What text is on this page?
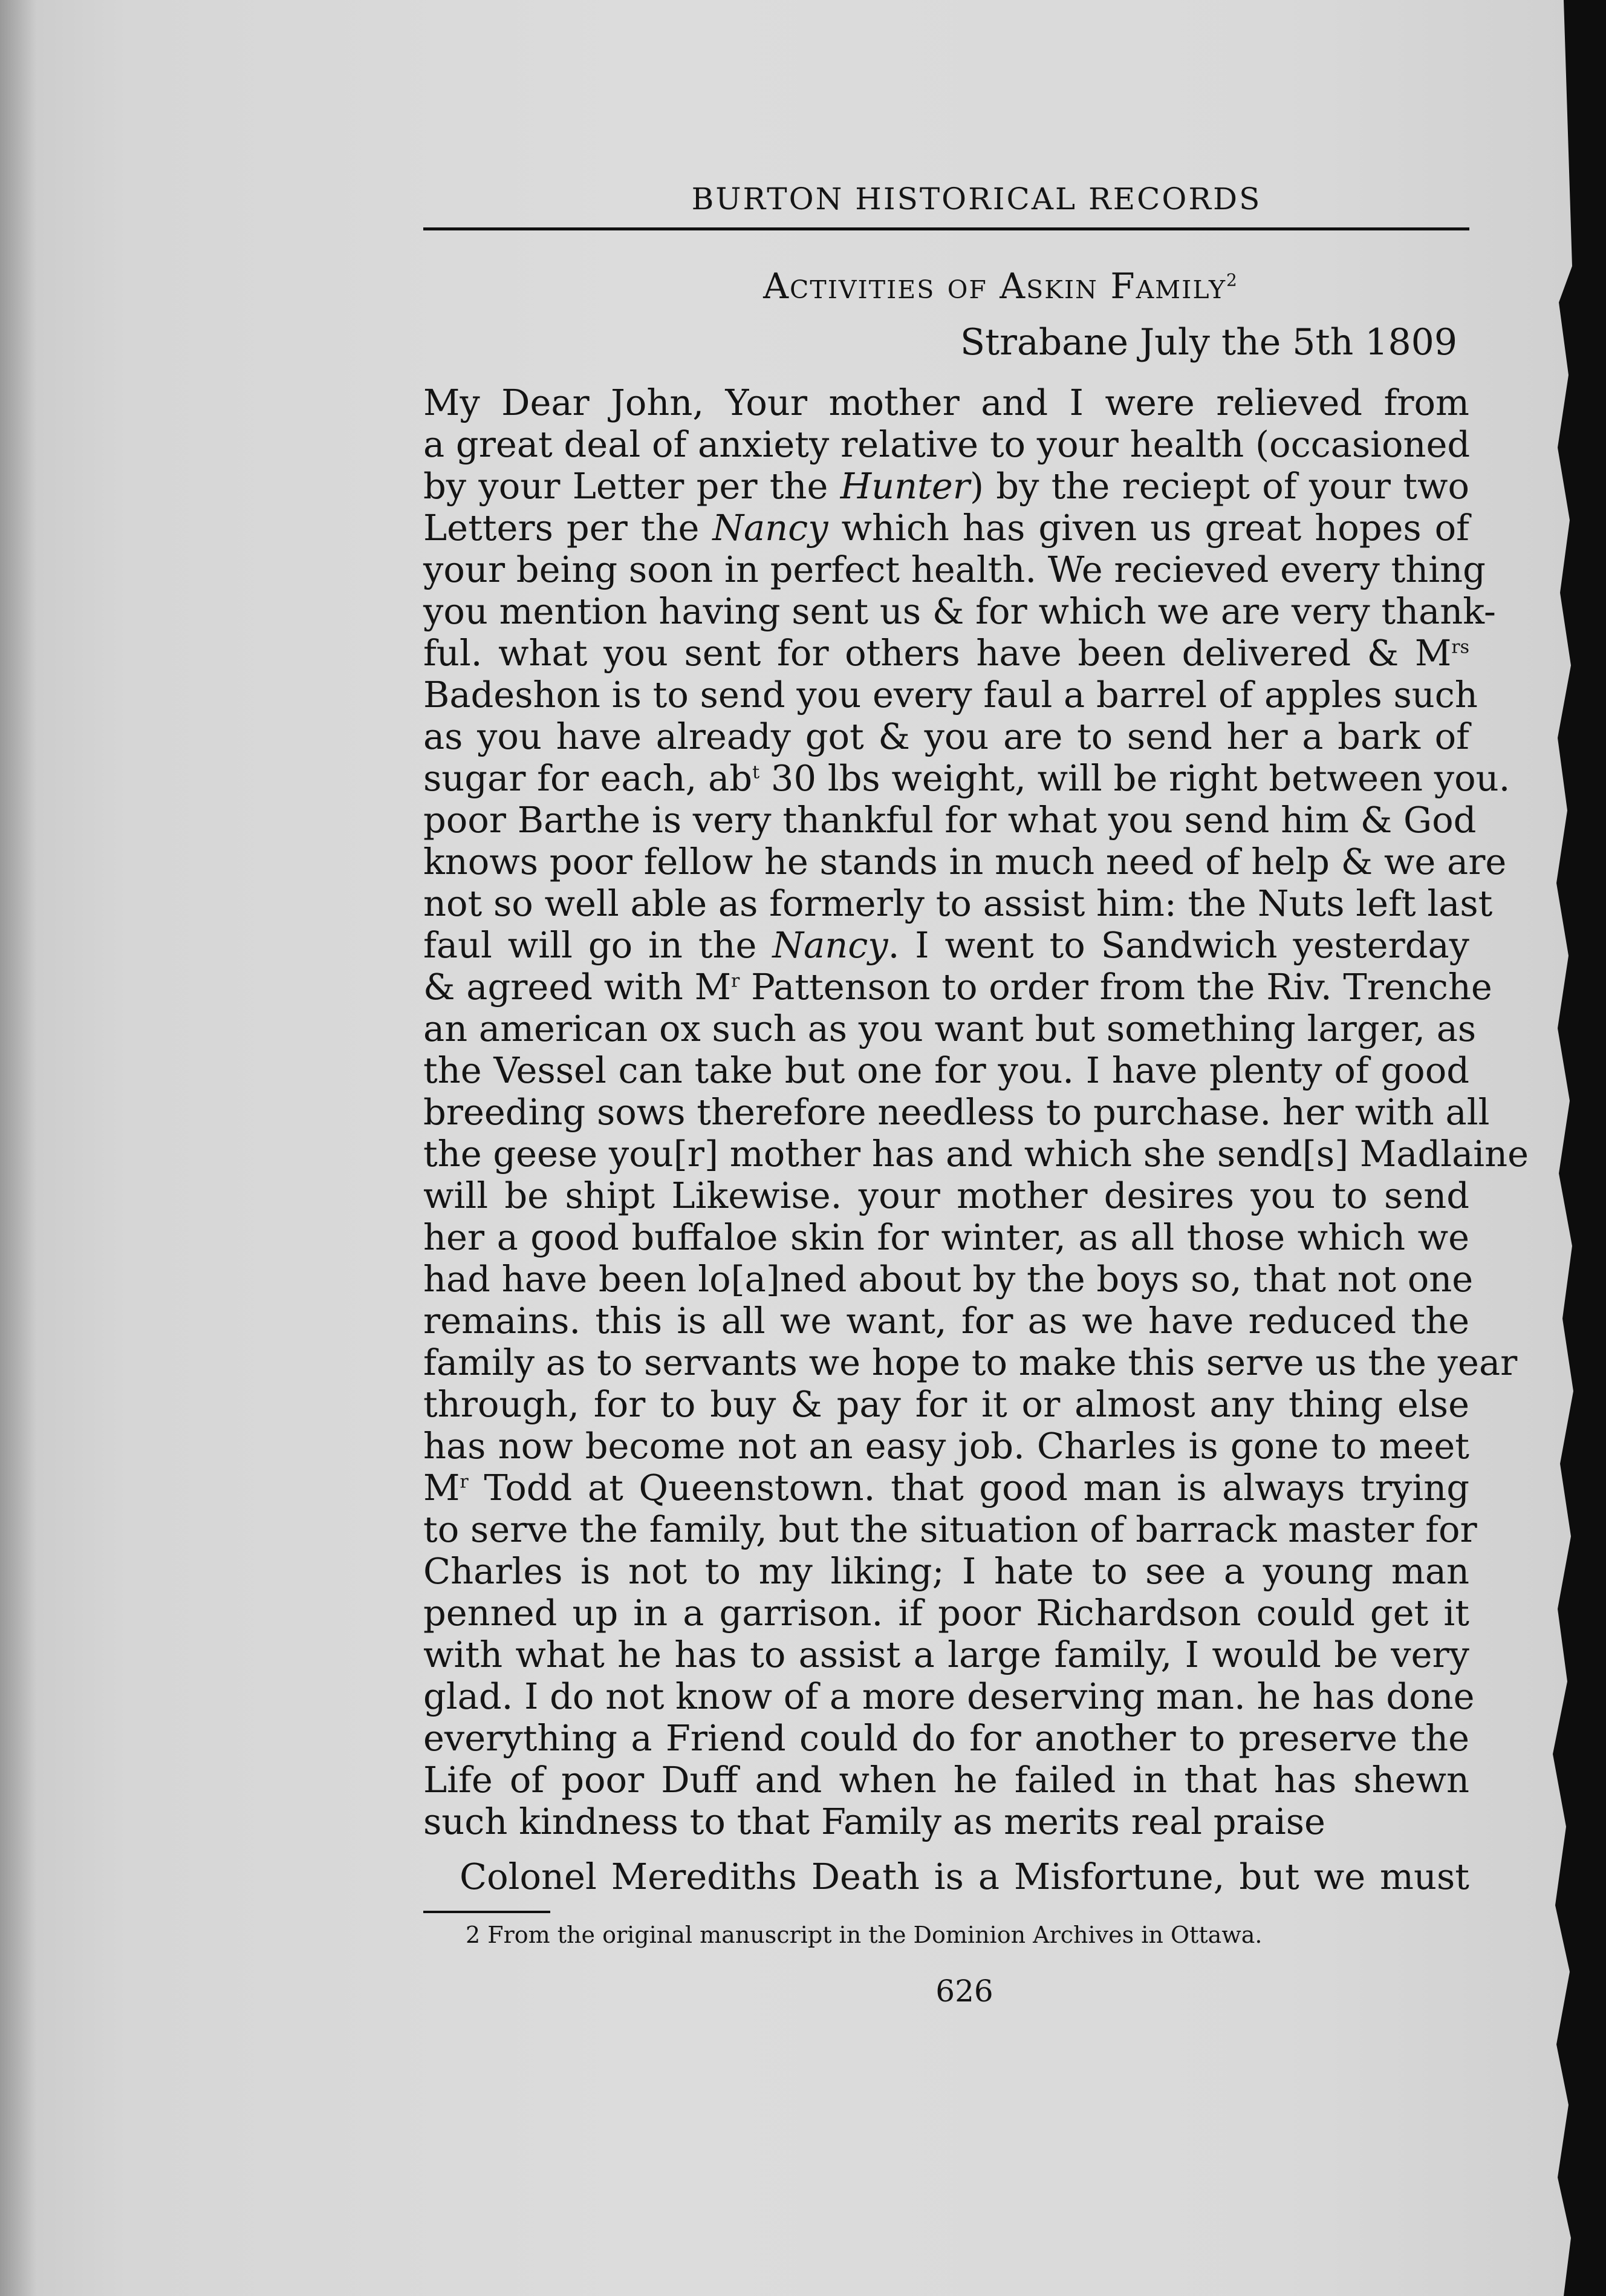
BURTON HISTORICAL RECORDS
Activities of Askin Family$^2$
Strabane July the 5th 1809
My Dear John, Your mother and I were relieved from
a great deal of anxiety relative to your health (occasioned
by your Letter per the Hunter) by the reciept of your two
Letters per the Nancy which has given us great hopes of
your being soon in perfect health. We recieved every thing
you mention having sent us & for which we are very thank-
ful. what you sent for others have been delivered & $M^{rs}$
Badeshon is to send you every faul a barrel of apples such
as you have already got & you are to send her a bark of
sugar for each, $ab^t$ 30 lbs weight, will be right between you.
poor Barthe is very thankful for what you send him & God
knows poor fellow he stands in much need of help & we are
not so well able as formerly to assist him: the Nuts left last
faul will go in the Nancy. I went to Sandwich yesterday
& agreed with $M^r$ Pattenson to order from the Riv. Trenche
an american ox such as you want but something larger, as
the Vessel can take but one for you. I have plenty of good
breeding sows therefore needless to purchase. her with all
the geese you[r] mother has and which she send[s] Madlaine
will be shipt Likewise. your mother desires you to send
her a good buffaloe skin for winter, as all those which we
had have been lo[a]ned about by the boys so, that not one
remains. this is all we want, for as we have reduced the
family as to servants we hope to make this serve us the year
through, for to buy & pay for it or almost any thing else
has now become not an easy job. Charles is gone to meet
$M^r$ Todd at Queenstown. that good man is always trying
to serve the family, but the situation of barrack master for
Charles is not to my liking; I hate to see a young man
penned up in a garrison. if poor Richardson could get it
with what he has to assist a large family, I would be very
glad. I do not know of a more deserving man. he has done
everything a Friend could do for another to preserve the
Life of poor Duff and when he failed in that has shewn
such kindness to that Family as merits real praise
Colonel Merediths Death is a Misfortune, but we must
2 From the original manuscript in the Dominion Archives in Ottawa.
626
